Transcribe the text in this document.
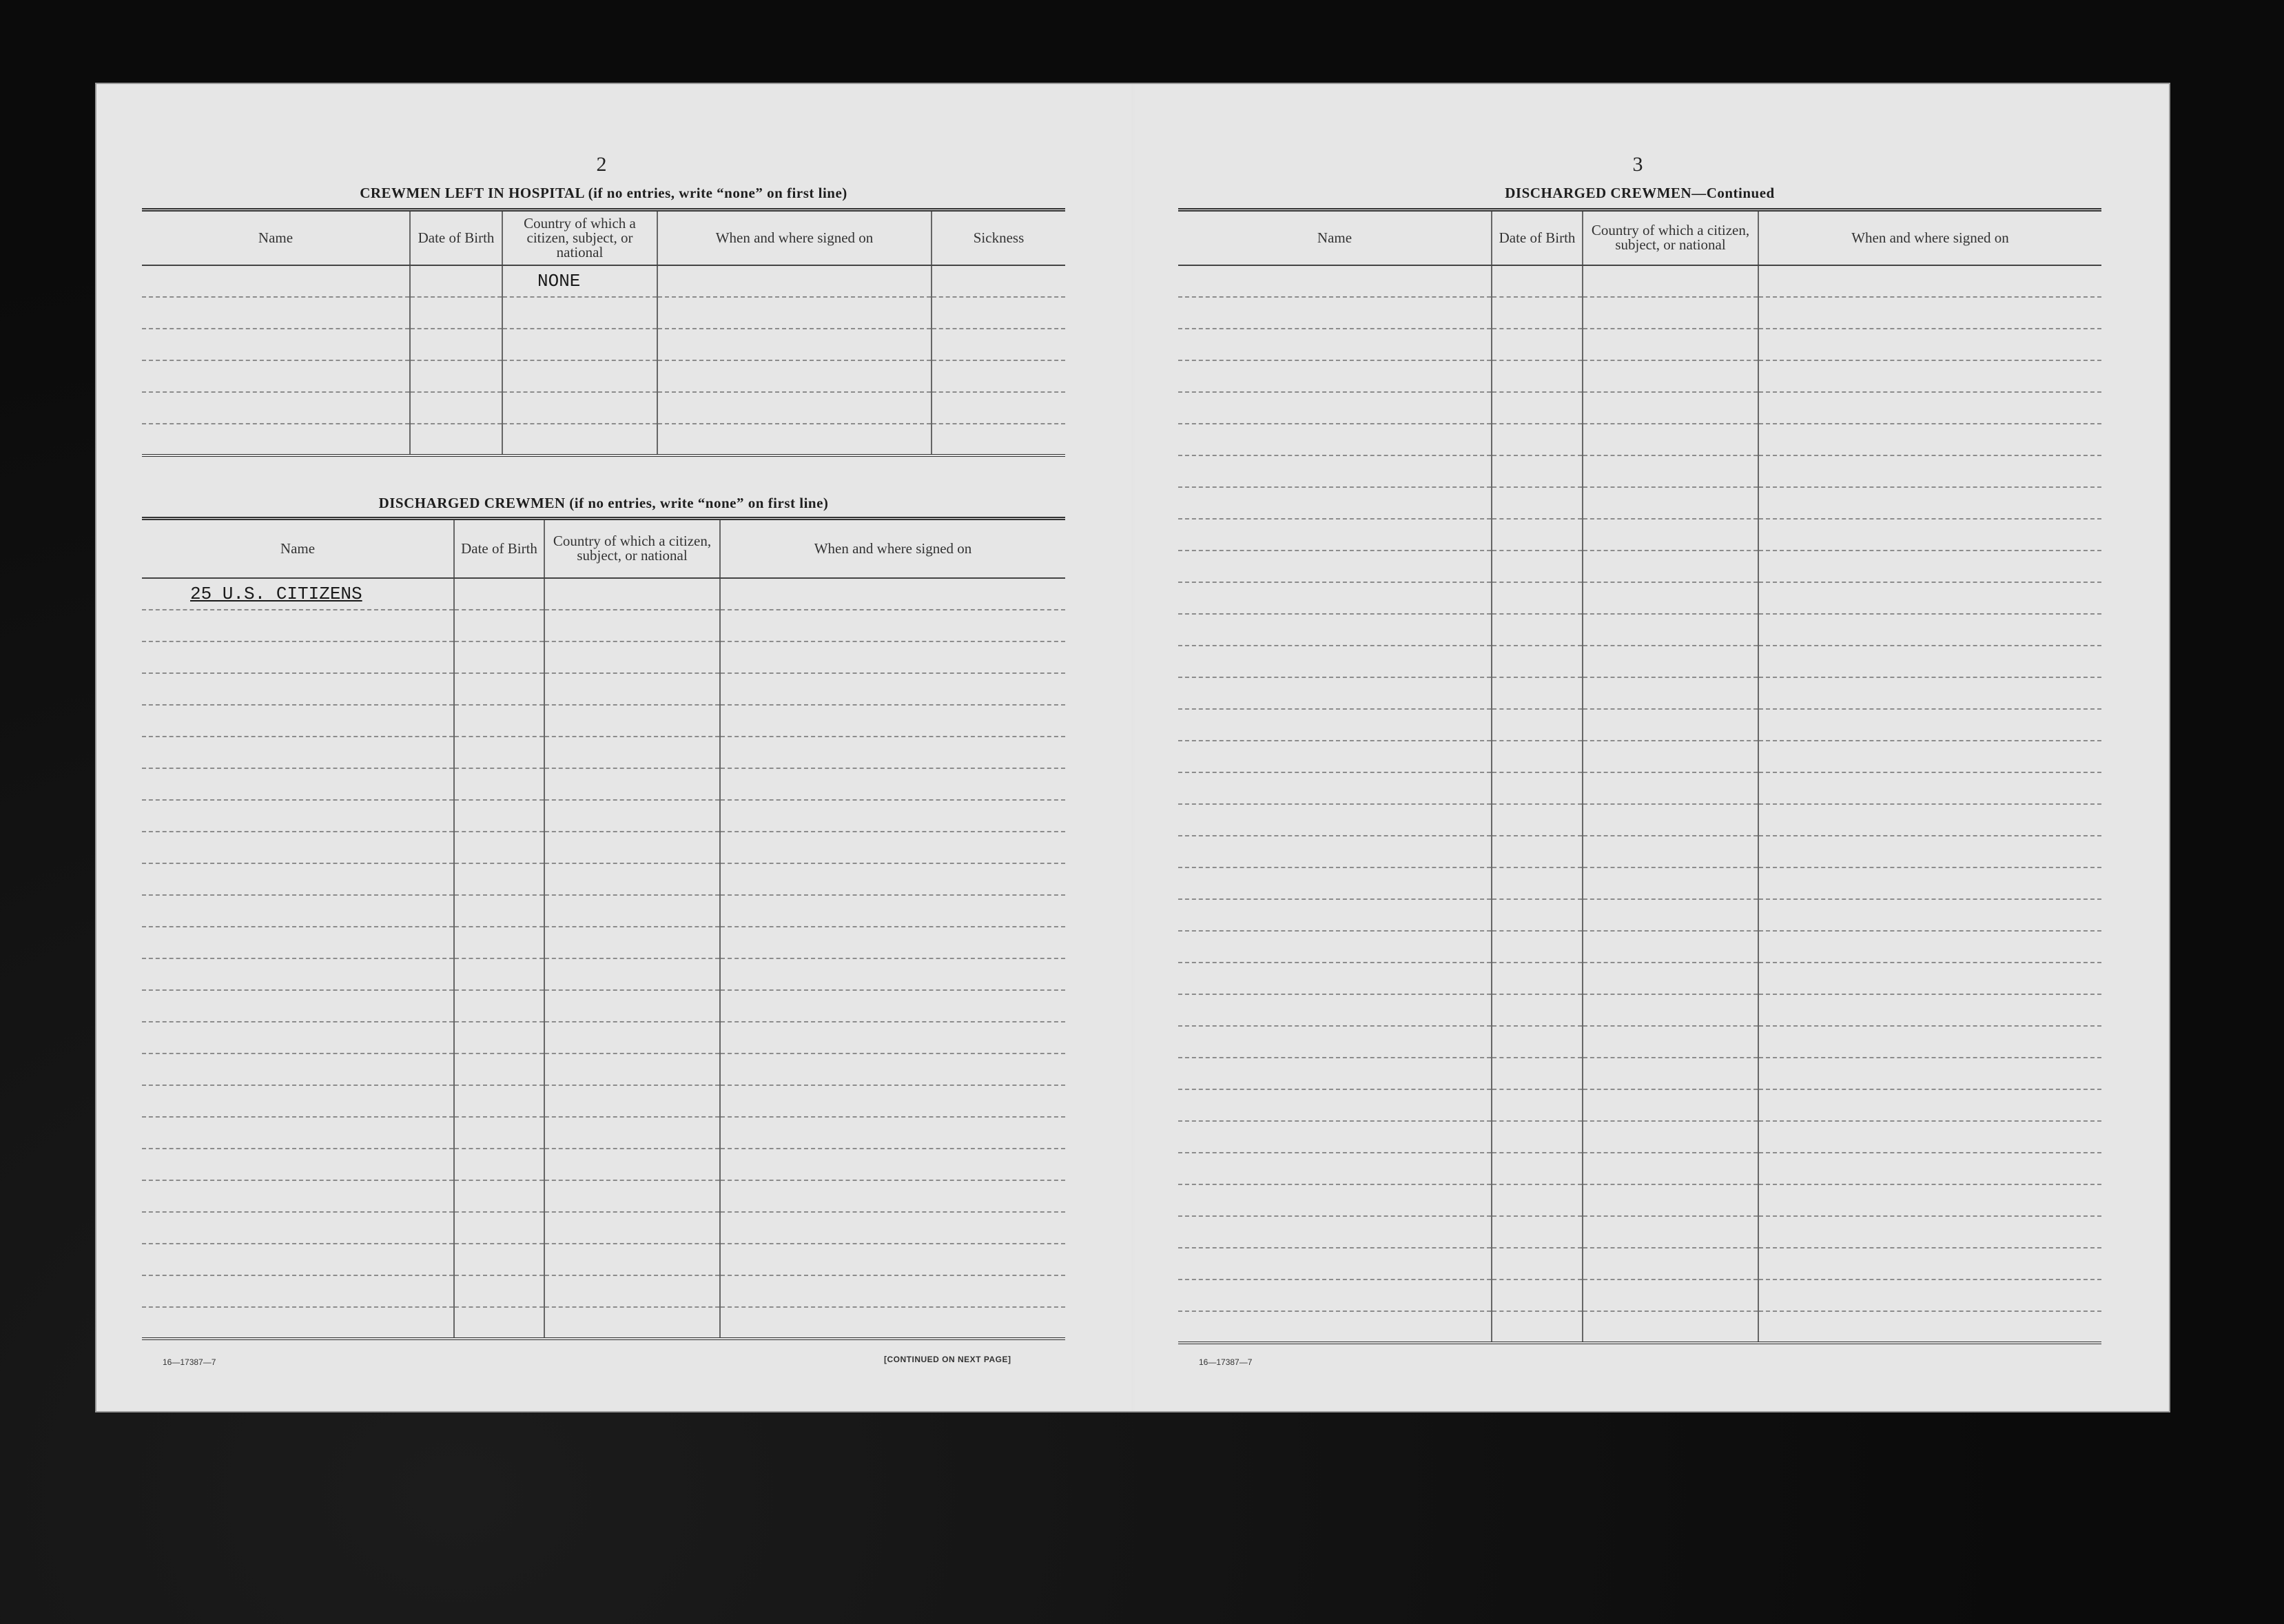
2
CREWMEN LEFT IN HOSPITAL (if no entries, write “none” on first line)
Name	Date of Birth	Country of which a citizen, subject, or national	When and where signed on	Sickness
		NONE		

DISCHARGED CREWMEN (if no entries, write “none” on first line)
Name	Date of Birth	Country of which a citizen, subject, or national	When and where signed on
25 U.S. CITIZENS			

16—17387—7	[CONTINUED ON NEXT PAGE]
3
DISCHARGED CREWMEN—Continued
Name	Date of Birth	Country of which a citizen, subject, or national	When and where signed on

16—17387—7
